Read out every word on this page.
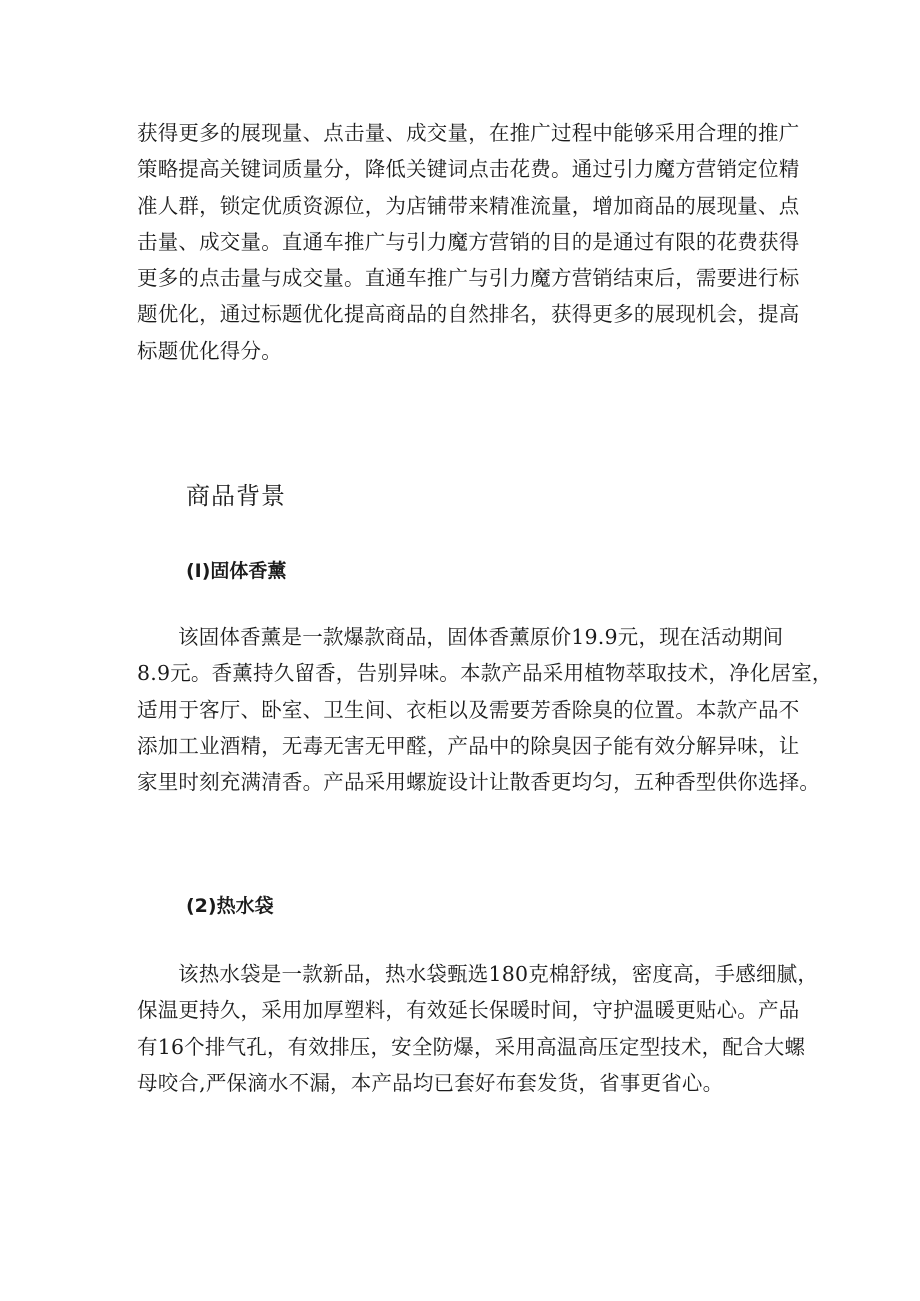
获得更多的展现量、点击量、成交量，在推广过程中能够采用合理的推广
策略提高关键词质量分，降低关键词点击花费。通过引力魔方营销定位精
准人群，锁定优质资源位，为店铺带来精准流量，增加商品的展现量、点
击量、成交量。直通车推广与引力魔方营销的目的是通过有限的花费获得
更多的点击量与成交量。直通车推广与引力魔方营销结束后，需要进行标
题优化，通过标题优化提高商品的自然排名，获得更多的展现机会，提高
标题优化得分。
商品背景
(I)固体香薰
该固体香薰是一款爆款商品，固体香薰原价19.9元，现在活动期间
8.9元。香薰持久留香，告别异味。本款产品采用植物萃取技术，净化居室，
适用于客厅、卧室、卫生间、衣柜以及需要芳香除臭的位置。本款产品不
添加工业酒精，无毒无害无甲醛，产品中的除臭因子能有效分解异味，让
家里时刻充满清香。产品采用螺旋设计让散香更均匀，五种香型供你选择。
(2)热水袋
该热水袋是一款新品，热水袋甄选180克棉舒绒，密度高，手感细腻，
保温更持久，采用加厚塑料，有效延长保暖时间，守护温暖更贴心。产品
有16个排气孔，有效排压，安全防爆，采用高温高压定型技术，配合大螺
母咬合,严保滴水不漏，本产品均已套好布套发货，省事更省心。
